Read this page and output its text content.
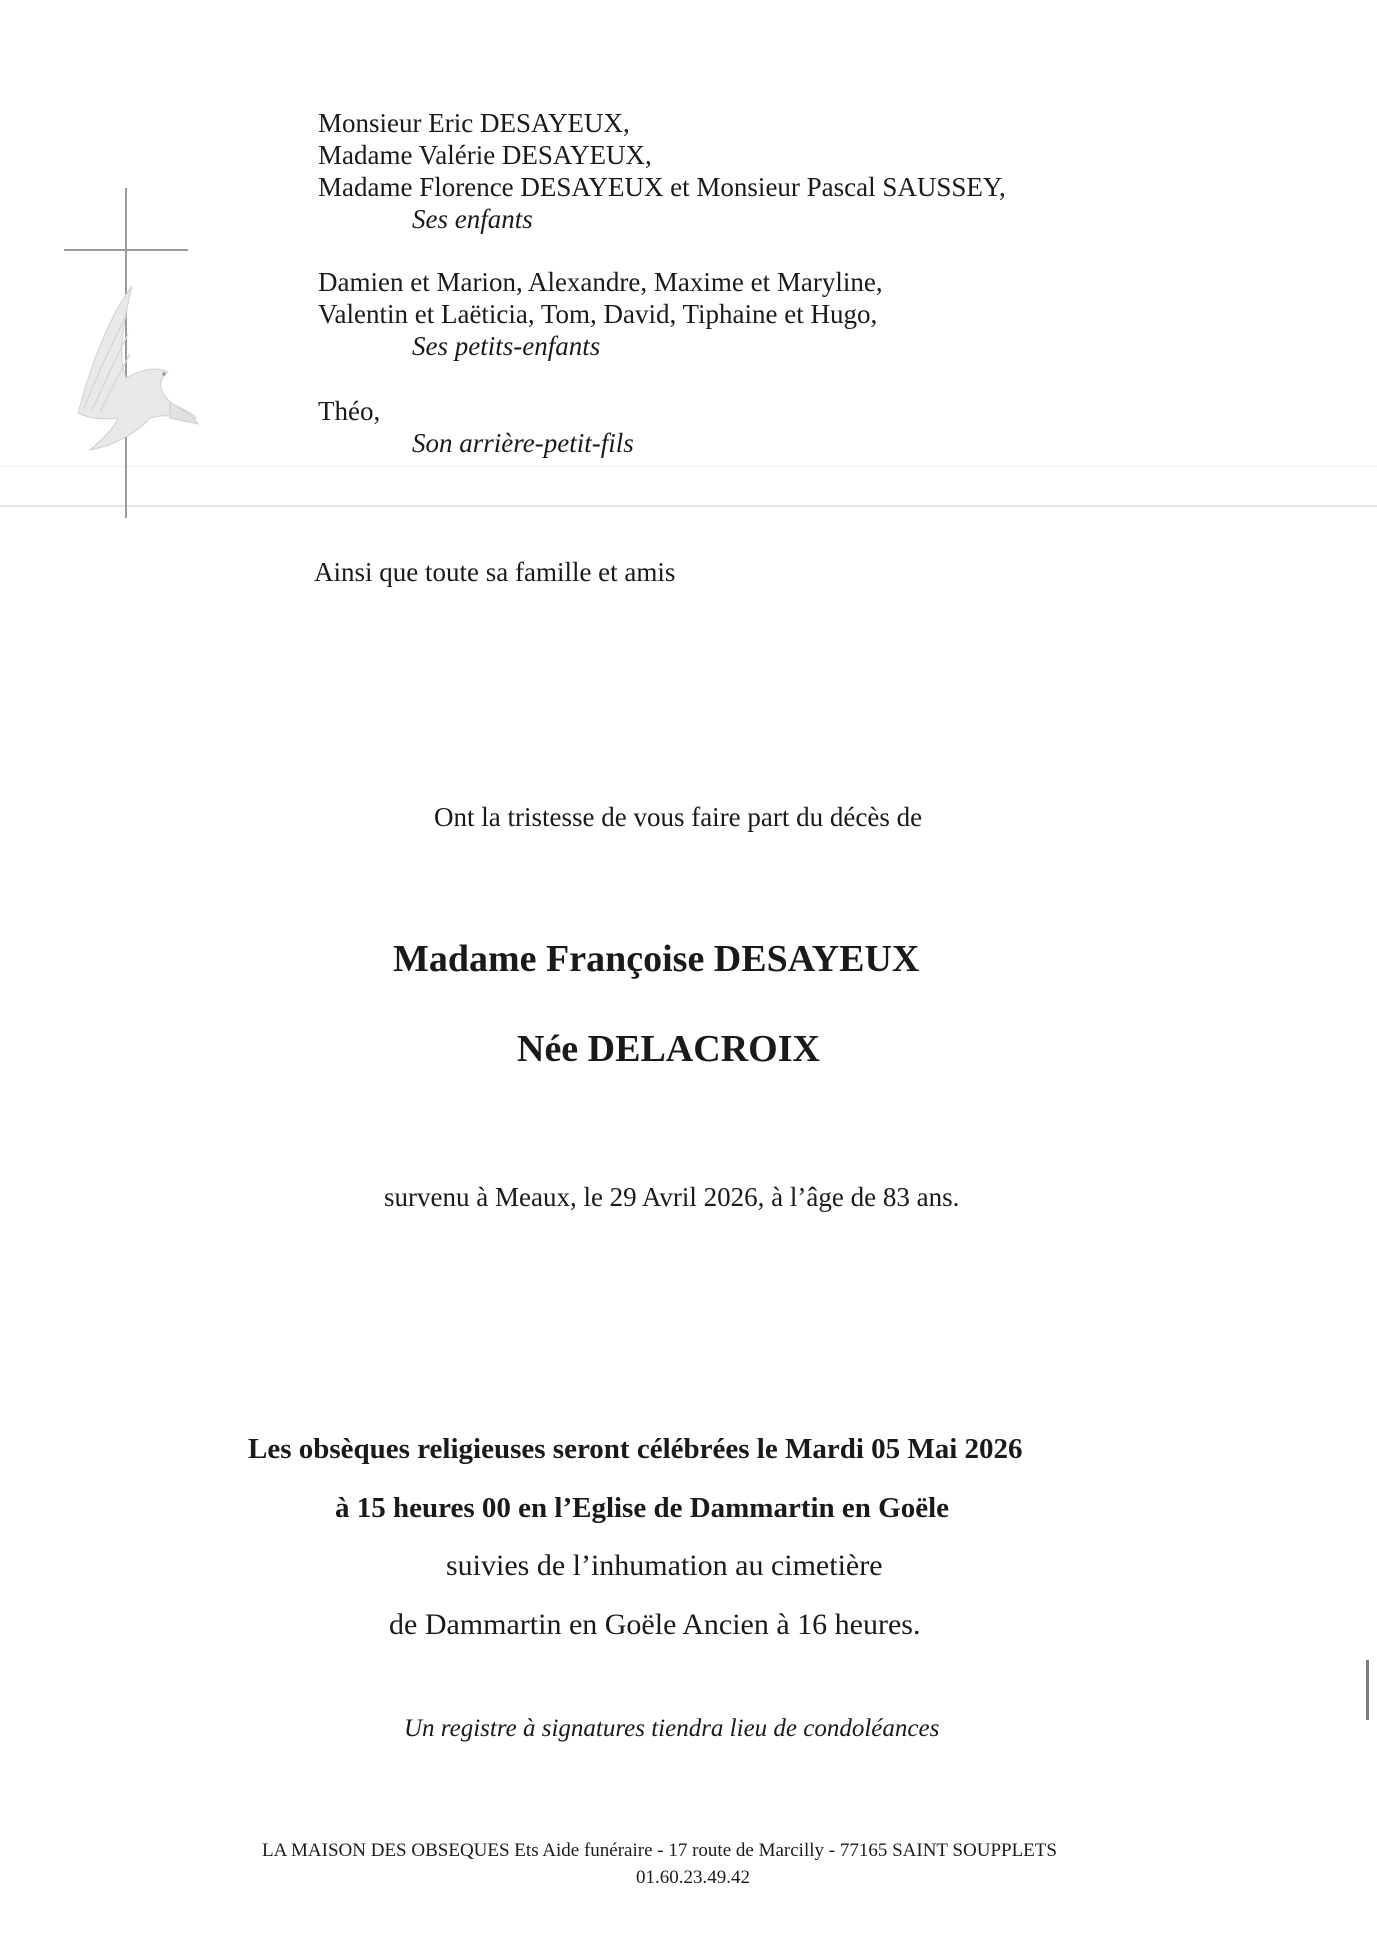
Monsieur Eric DESAYEUX,
Madame Valérie DESAYEUX,
Madame Florence DESAYEUX et Monsieur Pascal SAUSSEY,
Ses enfants
Damien et Marion, Alexandre, Maxime et Maryline,
Valentin et Laëticia, Tom, David, Tiphaine et Hugo,
Ses petits-enfants
Théo,
Son arrière-petit-fils
Ainsi que toute sa famille et amis
Ont la tristesse de vous faire part du décès de
Madame Françoise DESAYEUX
Née DELACROIX
survenu à Meaux, le 29 Avril 2026, à l’âge de 83 ans.
Les obsèques religieuses seront célébrées le Mardi 05 Mai 2026
à 15 heures 00 en l’Eglise de Dammartin en Goële
suivies de l’inhumation au cimetière
de Dammartin en Goële Ancien à 16 heures.
Un registre à signatures tiendra lieu de condoléances
LA MAISON DES OBSEQUES Ets Aide funéraire - 17 route de Marcilly - 77165 SAINT SOUPPLETS
01.60.23.49.42
